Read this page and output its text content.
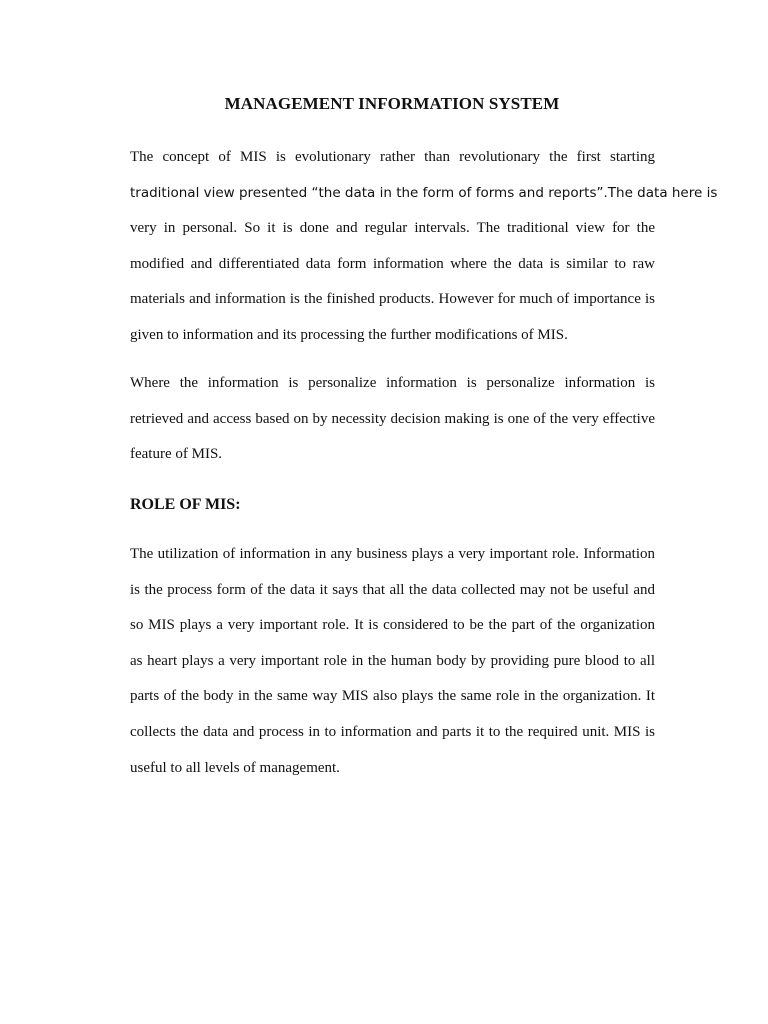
MANAGEMENT INFORMATION SYSTEM
The concept of MIS is evolutionary rather than revolutionary the first starting
traditional view presented “the data in the form of forms and reports”. The data here is
very in personal. So it is done and regular intervals. The traditional view for the
modified and differentiated data form information where the data is similar to raw
materials and information is the finished products. However for much of importance is
given to information and its processing the further modifications of MIS.
Where the information is personalize information is personalize information is
retrieved and access based on by necessity decision making is one of the very effective
feature of MIS.
ROLE OF MIS:
The utilization of information in any business plays a very important role. Information
is the process form of the data it says that all the data collected may not be useful and
so MIS plays a very important role. It is considered to be the part of the organization
as heart plays a very important role in the human body by providing pure blood to all
parts of the body in the same way MIS also plays the same role in the organization. It
collects the data and process in to information and parts it to the required unit. MIS is
useful to all levels of management.
